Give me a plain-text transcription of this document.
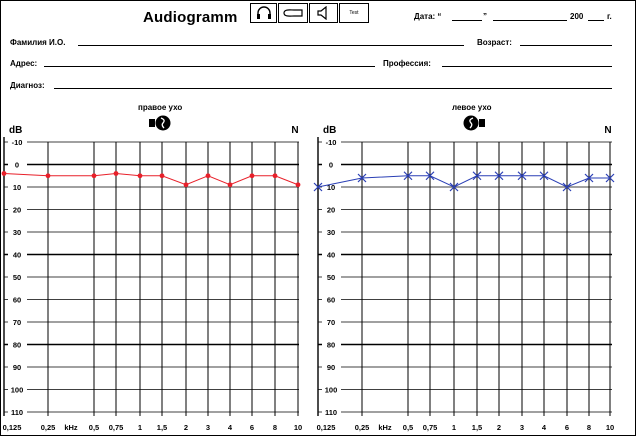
Audiogramm	Test	Дата: “	”	200	г.
Фамилия И.О.	Возраст:
Адрес:	Профессия:
Диагноз:
правое ухо	левое ухо
dB	N
-10
0
10
20
30
40
50
60
70
80
90
100
110
0,125	0,25	0,5 0,75 1 1,5 2 3 4 6	8 10
kHz
dB	N
-10
0
10
20
30
40
50
60
70
80
90
100
110
0,125	0,25	0,5 0,75 1 1,5 2	3 4	6 8 10
kHz
